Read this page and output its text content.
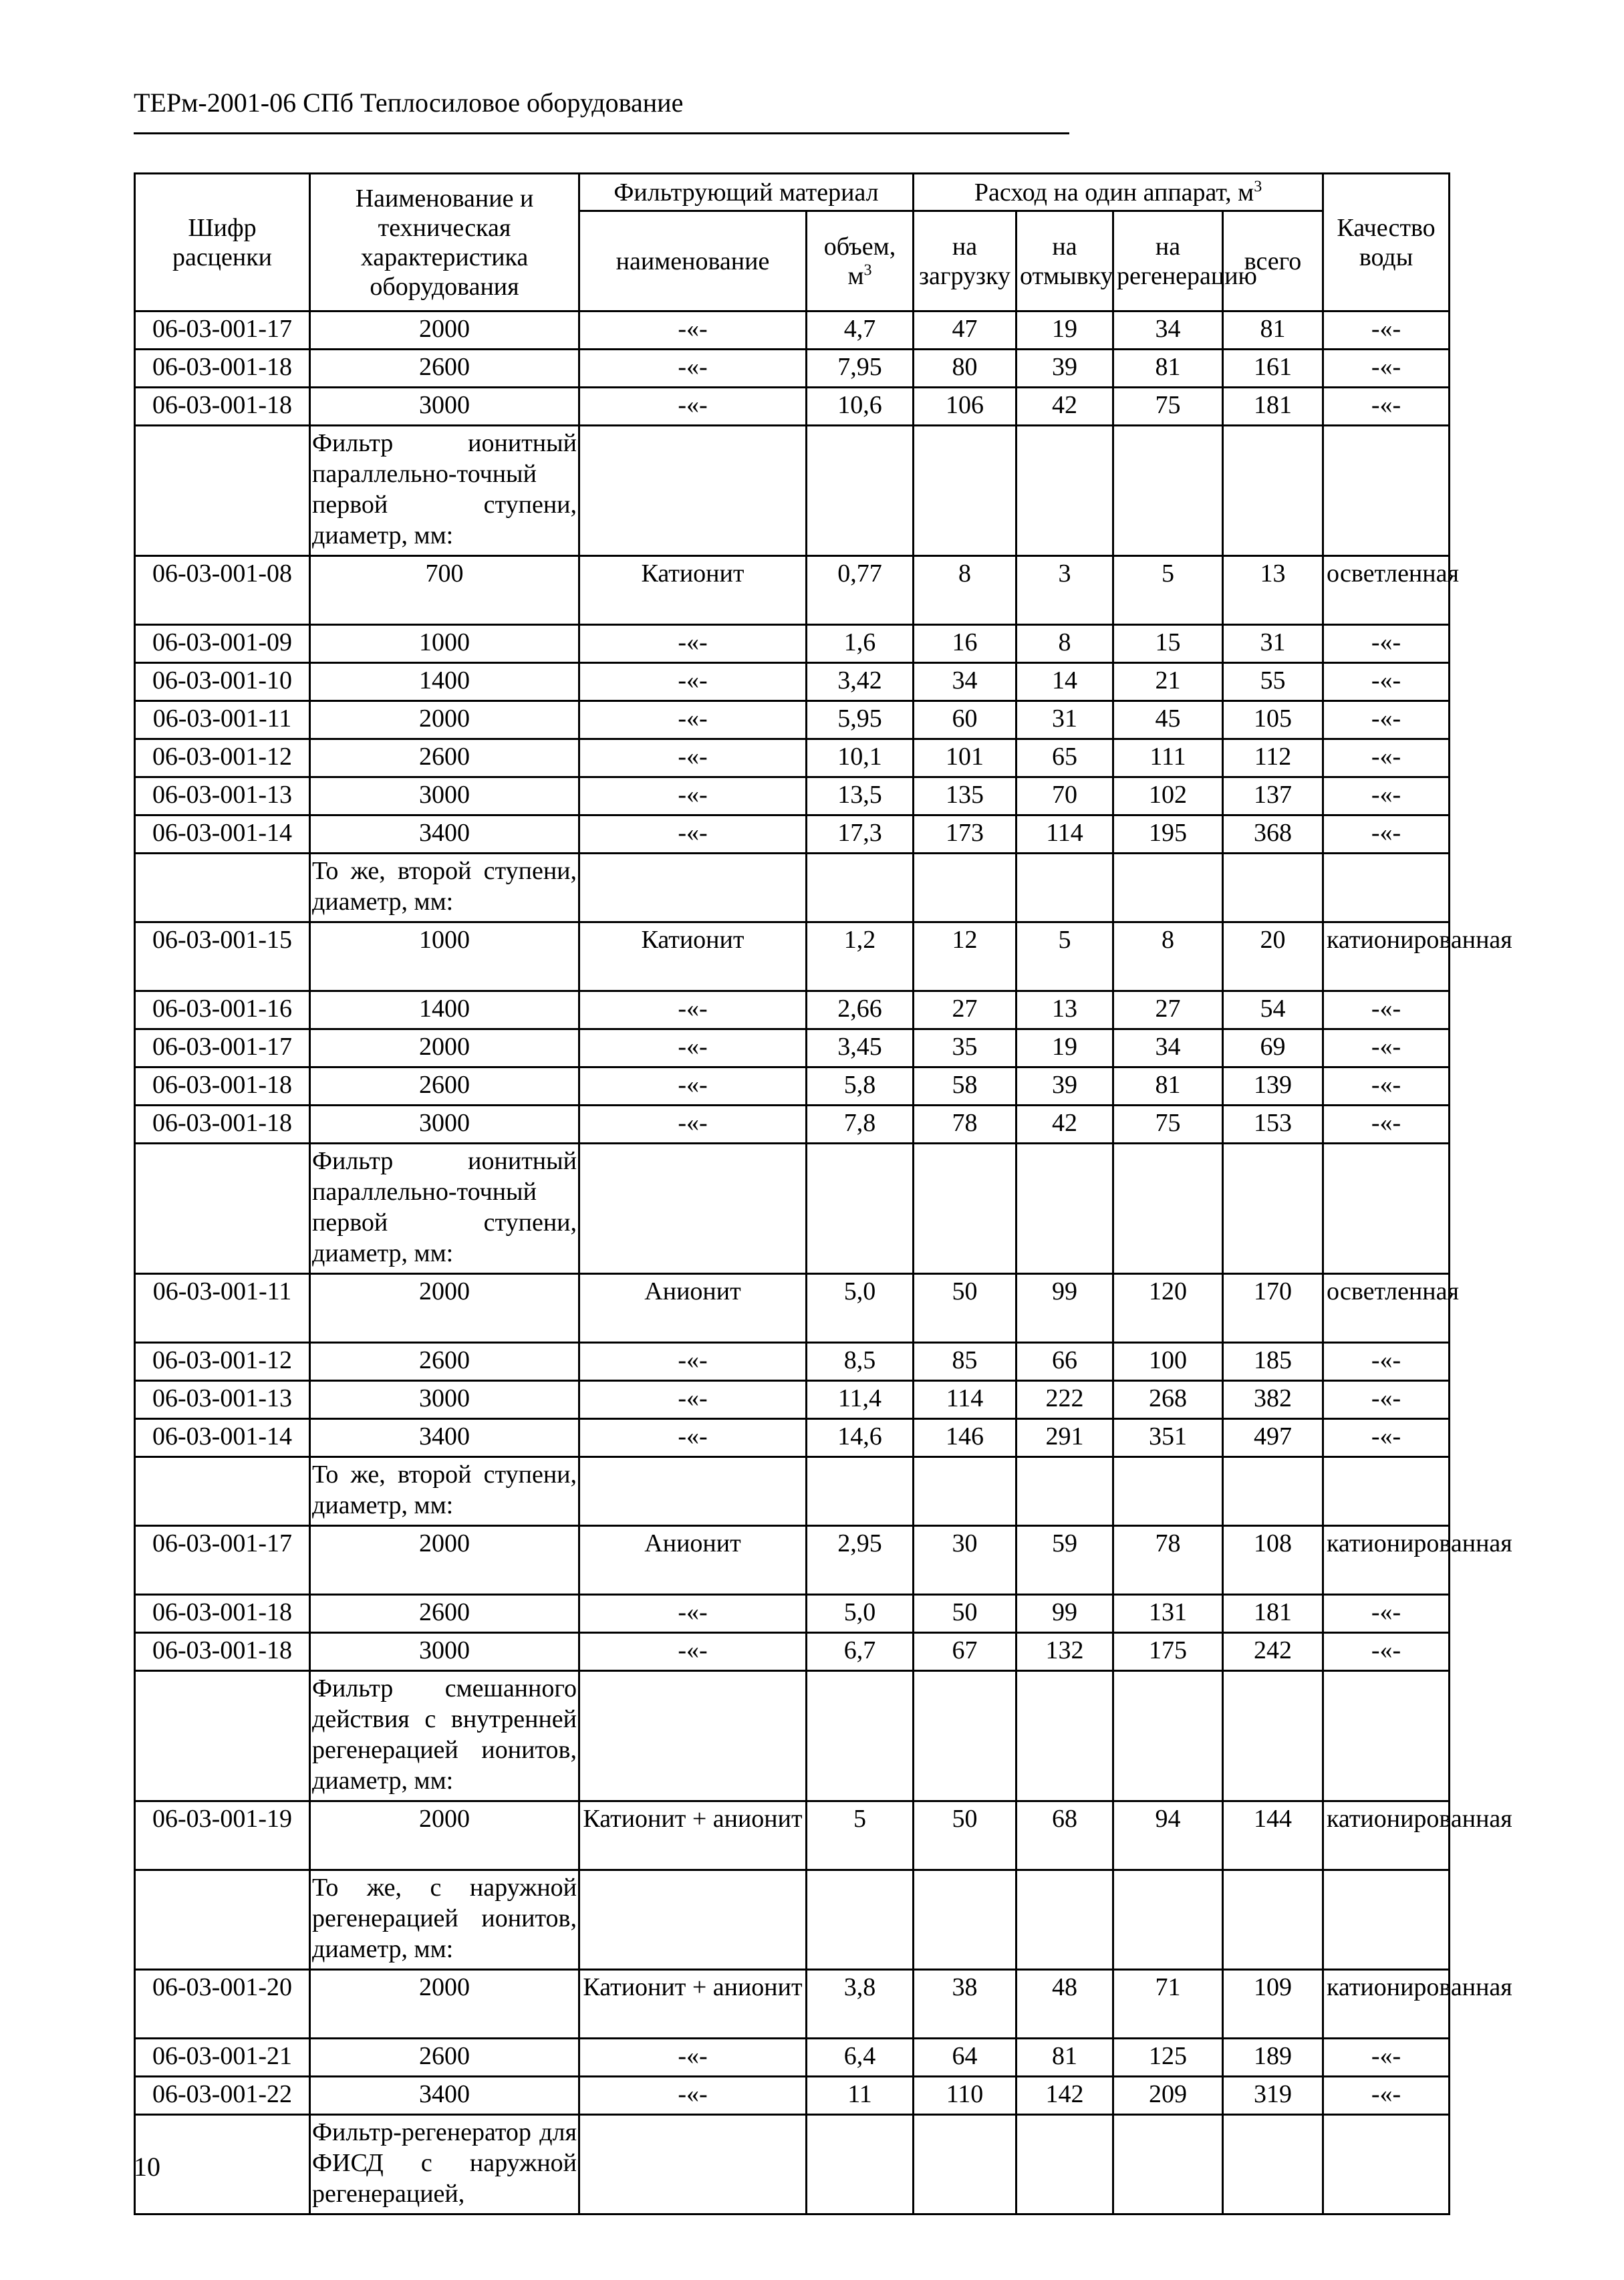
ТЕРм-2001-06 СПб Теплосиловое оборудование
Шифр расценки	Наименование и техническая характеристика оборудования	Фильтрующий материал		Расход на один аппарат, $м^3$				Качество воды
		наименование	объем, $м^3$	на загрузку	на отмывку	на регенерацию	всего	
06-03-001-17	2000	-«-	4,7	47	19	34	81	-«-
06-03-001-18	2600	-«-	7,95	80	39	81	161	-«-
06-03-001-18	3000	-«-	10,6	106	42	75	181	-«-

	Фильтр ионитный параллельно-точный первой ступени, диаметр, мм:							

06-03-001-08	700	Катионит	0,77	8	3	5	13	осветленная
06-03-001-09	1000	-«-	1,6	16	8	15	31	-«-
06-03-001-10	1400	-«-	3,42	34	14	21	55	-«-
06-03-001-11	2000	-«-	5,95	60	31	45	105	-«-
06-03-001-12	2600	-«-	10,1	101	65	111	112	-«-
06-03-001-13	3000	-«-	13,5	135	70	102	137	-«-
06-03-001-14	3400	-«-	17,3	173	114	195	368	-«-

	То же, второй ступени, диаметр, мм:							

06-03-001-15	1000	Катионит	1,2	12	5	8	20	катионированная
06-03-001-16	1400	-«-	2,66	27	13	27	54	-«-
06-03-001-17	2000	-«-	3,45	35	19	34	69	-«-
06-03-001-18	2600	-«-	5,8	58	39	81	139	-«-
06-03-001-18	3000	-«-	7,8	78	42	75	153	-«-

	Фильтр ионитный параллельно-точный первой ступени, диаметр, мм:							

06-03-001-11	2000	Анионит	5,0	50	99	120	170	осветленная
06-03-001-12	2600	-«-	8,5	85	66	100	185	-«-
06-03-001-13	3000	-«-	11,4	114	222	268	382	-«-
06-03-001-14	3400	-«-	14,6	146	291	351	497	-«-

	То же, второй ступени, диаметр, мм:							

06-03-001-17	2000	Анионит	2,95	30	59	78	108	катионированная
06-03-001-18	2600	-«-	5,0	50	99	131	181	-«-
06-03-001-18	3000	-«-	6,7	67	132	175	242	-«-

	Фильтр смешанного действия с внутренней регенерацией ионитов, диаметр, мм:							

06-03-001-19	2000	Катионит + анионит	5	50	68	94	144	катионированная

	То же, с наружной регенерацией ионитов, диаметр, мм:							

06-03-001-20	2000	Катионит + анионит	3,8	38	48	71	109	катионированная
06-03-001-21	2600	-«-	6,4	64	81	125	189	-«-
06-03-001-22	3400	-«-	11	110	142	209	319	-«-

	Фильтр-регенератор для ФИСД с наружной регенерацией,							

10
